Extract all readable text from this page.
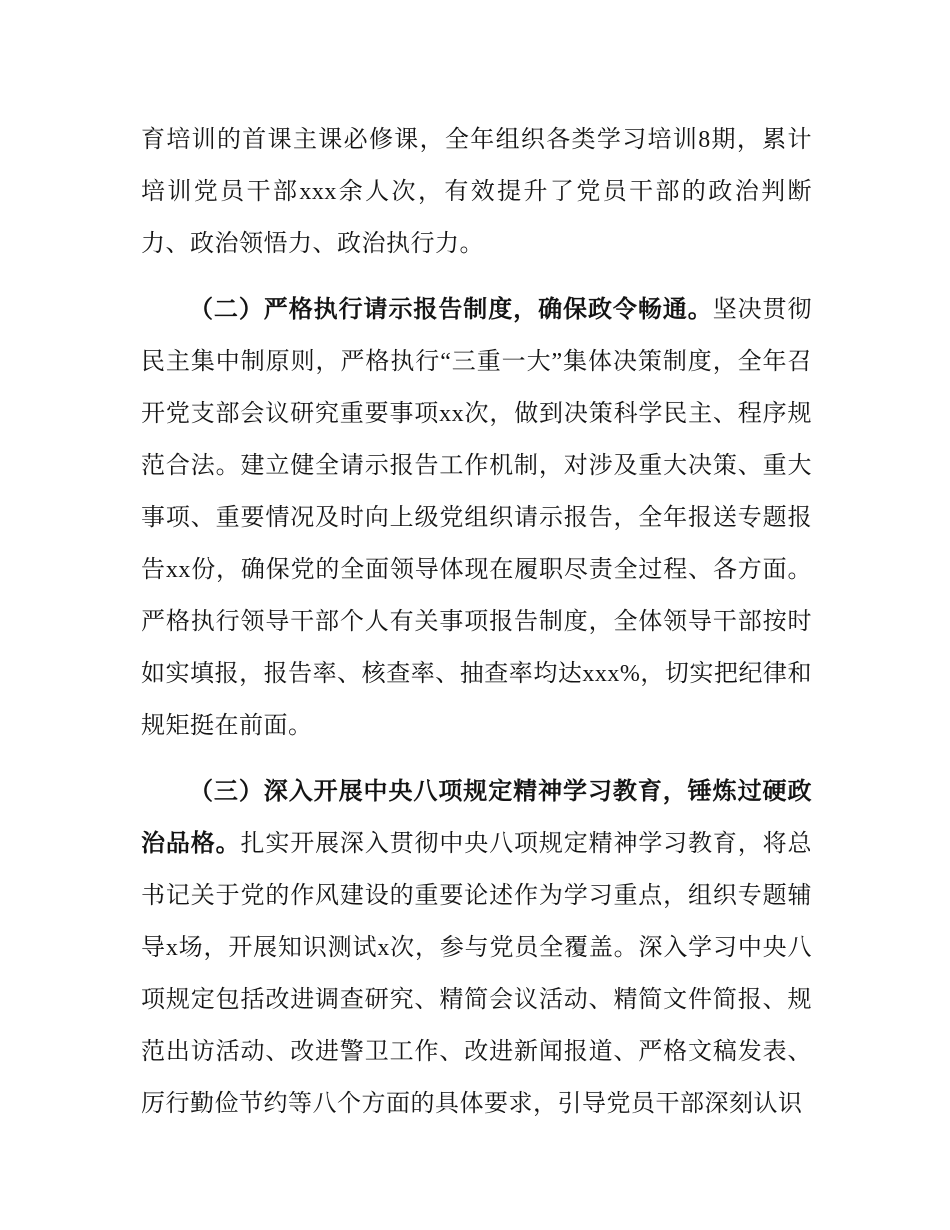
育培训的首课主课必修课，全年组织各类学习培训8期，累计培训党员干部xxx余人次，有效提升了党员干部的政治判断力、政治领悟力、政治执行力。

（二）严格执行请示报告制度，确保政令畅通。坚决贯彻民主集中制原则，严格执行“三重一大”集体决策制度，全年召开党支部会议研究重要事项xx次，做到决策科学民主、程序规范合法。建立健全请示报告工作机制，对涉及重大决策、重大事项、重要情况及时向上级党组织请示报告，全年报送专题报告xx份，确保党的全面领导体现在履职尽责全过程、各方面。严格执行领导干部个人有关事项报告制度，全体领导干部按时如实填报，报告率、核查率、抽查率均达xxx%，切实把纪律和规矩挺在前面。

（三）深入开展中央八项规定精神学习教育，锤炼过硬政治品格。扎实开展深入贯彻中央八项规定精神学习教育，将总书记关于党的作风建设的重要论述作为学习重点，组织专题辅导x场，开展知识测试x次，参与党员全覆盖。深入学习中央八项规定包括改进调查研究、精简会议活动、精简文件简报、规范出访活动、改进警卫工作、改进新闻报道、严格文稿发表、厉行勤俭节约等八个方面的具体要求，引导党员干部深刻认识
